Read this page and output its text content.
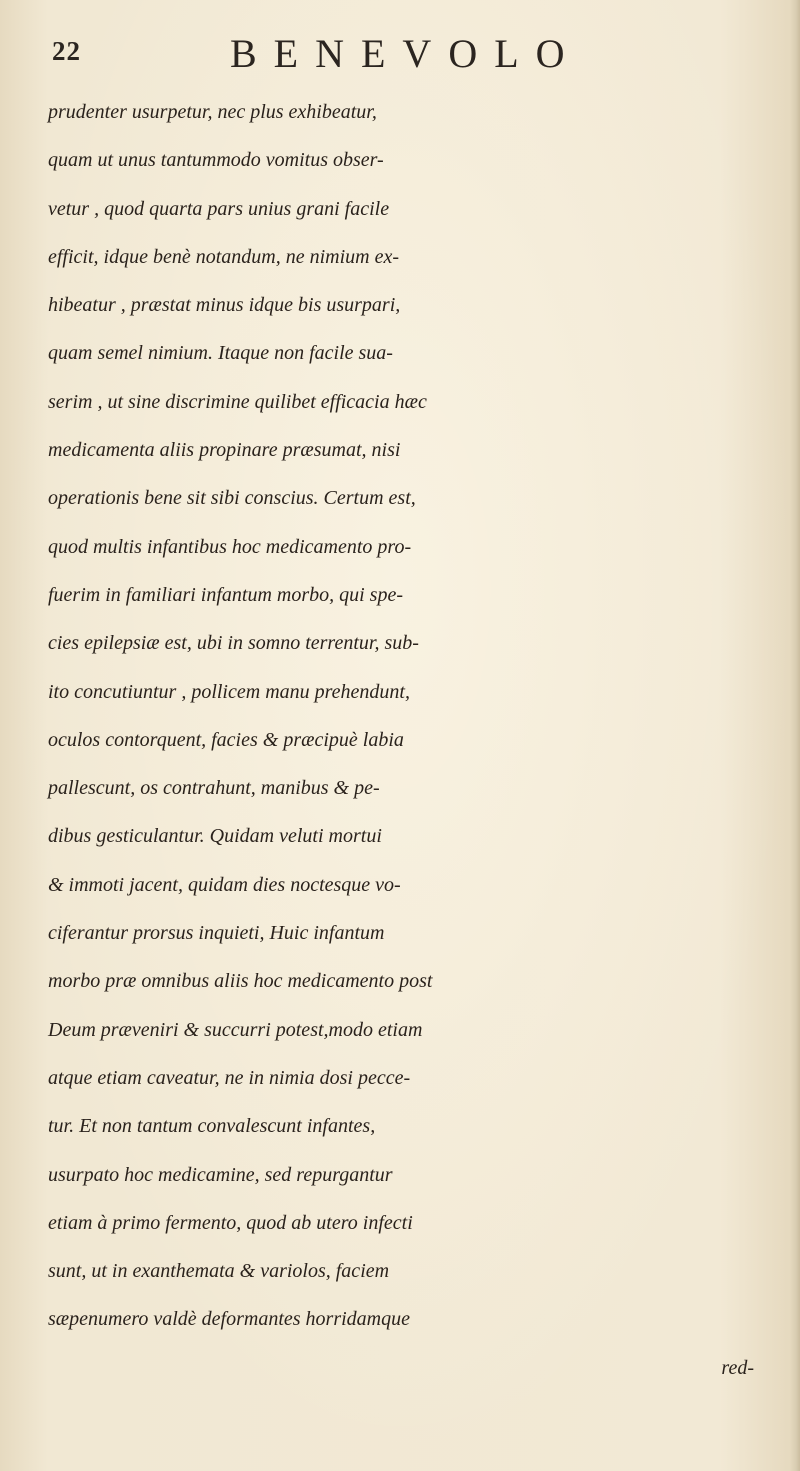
22	BENEVOLO
prudenter usurpetur, nec plus exhibeatur,
quam ut unus tantummodo vomitus obser-
vetur , quod quarta pars unius grani facile
efficit, idque benè notandum, ne nimium ex-
hibeatur , præstat minus idque bis usurpari,
quam semel nimium. Itaque non facile sua-
serim , ut sine discrimine quilibet efficacia hæc
medicamenta aliis propinare præsumat, nisi
operationis bene sit sibi conscius. Certum est,
quod multis infantibus hoc medicamento pro-
fuerim in familiari infantum morbo, qui spe-
cies epilepsiæ est, ubi in somno terrentur, sub-
ito concutiuntur , pollicem manu prehendunt,
oculos contorquent, facies & præcipuè labia
pallescunt, os contrahunt, manibus & pe-
dibus gesticulantur. Quidam veluti mortui
& immoti jacent, quidam dies noctesque vo-
ciferantur prorsus inquieti, Huic infantum
morbo præ omnibus aliis hoc medicamento post
Deum præveniri & succurri potest,modo etiam
atque etiam caveatur, ne in nimia dosi pecce-
tur. Et non tantum convalescunt infantes,
usurpato hoc medicamine, sed repurgantur
etiam à primo fermento, quod ab utero infecti
sunt, ut in exanthemata & variolos, faciem
sæpenumero valdè deformantes horridamque
red-
